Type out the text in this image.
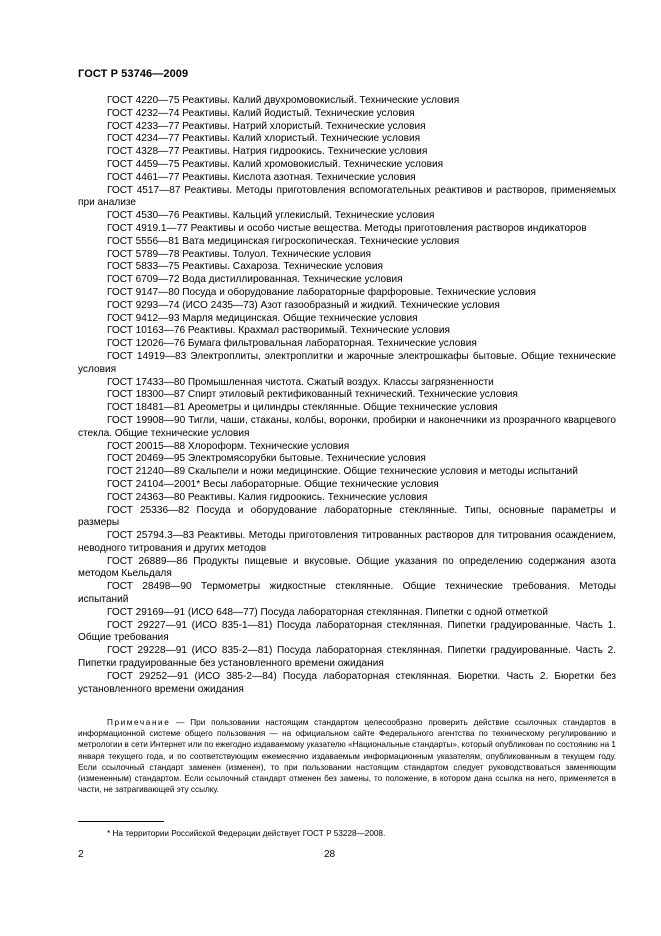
ГОСТ Р 53746—2009

ГОСТ 4220—75 Реактивы. Калий двухромовокислый. Технические условия

ГОСТ 4232—74 Реактивы. Калий йодистый. Технические условия

ГОСТ 4233—77 Реактивы. Натрий хлористый. Технические условия

ГОСТ 4234—77 Реактивы. Калий хлористый. Технические условия

ГОСТ 4328—77 Реактивы. Натрия гидроокись. Технические условия

ГОСТ 4459—75 Реактивы. Калий хромовокислый. Технические условия

ГОСТ 4461—77 Реактивы. Кислота азотная. Технические условия

ГОСТ 4517—87 Реактивы. Методы приготовления вспомогательных реактивов и растворов, применяемых при анализе

ГОСТ 4530—76 Реактивы. Кальций углекислый. Технические условия

ГОСТ 4919.1—77 Реактивы и особо чистые вещества. Методы приготовления растворов индикаторов

ГОСТ 5556—81 Вата медицинская гигроскопическая. Технические условия

ГОСТ 5789—78 Реактивы. Толуол. Технические условия

ГОСТ 5833—75 Реактивы. Сахароза. Технические условия

ГОСТ 6709—72 Вода дистиллированная. Технические условия

ГОСТ 9147—80 Посуда и оборудование лабораторные фарфоровые. Технические условия

ГОСТ 9293—74 (ИСО 2435—73) Азот газообразный и жидкий. Технические условия

ГОСТ 9412—93 Марля медицинская. Общие технические условия

ГОСТ 10163—76 Реактивы. Крахмал растворимый. Технические условия

ГОСТ 12026—76 Бумага фильтровальная лабораторная. Технические условия

ГОСТ 14919—83 Электроплиты, электроплитки и жарочные электрошкафы бытовые. Общие технические условия

ГОСТ 17433—80 Промышленная чистота. Сжатый воздух. Классы загрязненности

ГОСТ 18300—87 Спирт этиловый ректификованный технический. Технические условия

ГОСТ 18481—81 Ареометры и цилиндры стеклянные. Общие технические условия

ГОСТ 19908—90 Тигли, чаши, стаканы, колбы, воронки, пробирки и наконечники из прозрачного кварцевого стекла. Общие технические условия

ГОСТ 20015—88 Хлороформ. Технические условия

ГОСТ 20469—95 Электромясорубки бытовые. Технические условия

ГОСТ 21240—89 Скальпели и ножи медицинские. Общие технические условия и методы испытаний

ГОСТ 24104—2001* Весы лабораторные. Общие технические условия

ГОСТ 24363—80 Реактивы. Калия гидроокись. Технические условия

ГОСТ 25336—82 Посуда и оборудование лабораторные стеклянные. Типы, основные параметры и размеры

ГОСТ 25794.3—83 Реактивы. Методы приготовления титрованных растворов для титрования осаждением, неводного титрования и других методов

ГОСТ 26889—86 Продукты пищевые и вкусовые. Общие указания по определению содержания азота методом Кьельдаля

ГОСТ 28498—90 Термометры жидкостные стеклянные. Общие технические требования. Методы испытаний

ГОСТ 29169—91 (ИСО 648—77) Посуда лабораторная стеклянная. Пипетки с одной отметкой

ГОСТ 29227—91 (ИСО 835-1—81) Посуда лабораторная стеклянная. Пипетки градуированные. Часть 1. Общие требования

ГОСТ 29228—91 (ИСО 835-2—81) Посуда лабораторная стеклянная. Пипетки градуированные. Часть 2. Пипетки градуированные без установленного времени ожидания

ГОСТ 29252—91 (ИСО 385-2—84) Посуда лабораторная стеклянная. Бюретки. Часть 2. Бюретки без установленного времени ожидания

Примечание — При пользовании настоящим стандартом целесообразно проверить действие ссылочных стандартов в информационной системе общего пользования — на официальном сайте Федерального агентства по техническому регулированию и метрологии в сети Интернет или по ежегодно издаваемому указателю «Национальные стандарты», который опубликован по состоянию на 1 января текущего года, и по соответствующим ежемесячно издаваемым информационным указателям, опубликованным в текущем году. Если ссылочный стандарт заменен (изменен), то при пользовании настоящим стандартом следует руководствоваться заменяющим (измененным) стандартом. Если ссылочный стандарт отменен без замены, то положение, в котором дана ссылка на него, применяется в части, не затрагивающей эту ссылку.

* На территории Российской Федерации действует ГОСТ Р 53228—2008.
2	28
